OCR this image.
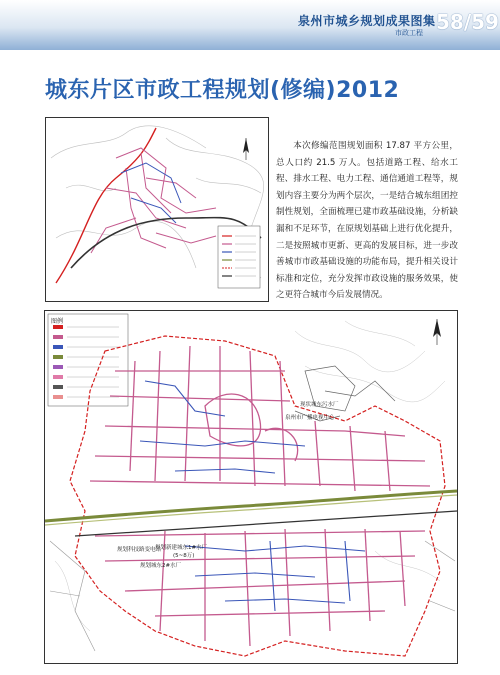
泉州市城乡规划成果图集
市政工程 58/59
城东片区市政工程规划(修编)2012
本次修编范围规划面积 17.87 平方公里，总人口约 21.5 万人。包括道路工程、给水工程、排水工程、电力工程、通信通道工程等，规划内容主要分为两个层次，一是结合城东组团控制性规划，全面梳理已建市政基础设施，分析缺漏和不足环节，在原规划基础上进行优化提升，二是按照城市更新、更高的发展目标，进一步改善城市市政基础设施的功能布局，提升相关设计标准和定位，充分发挥市政设施的服务效果，使之更符合城市今后发展情况。
图例
现状城东污水厂
泉州市广播电视中心
规划新建城东1#水厂
(5~8万)
规划科技路变电站
规划城东2#水厂
